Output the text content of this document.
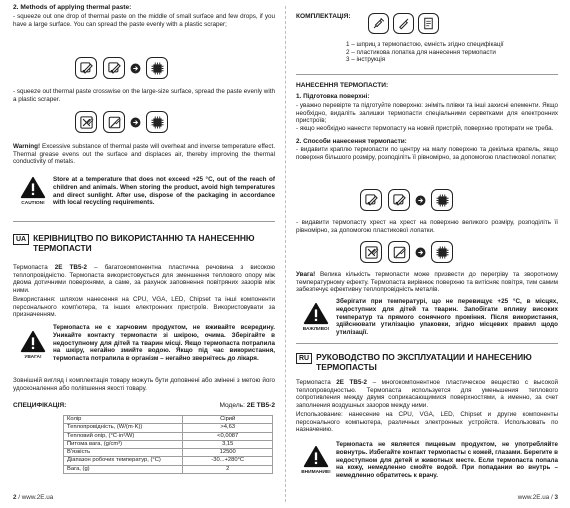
2. Methods of applying thermal paste:

- squeeze out one drop of thermal paste on the middle of small surface and few drops, if you have a large surface. You can spread the paste evenly with a plastic scraper;

- squeeze out thermal paste crosswise on the large-size surface, spread the paste evenly with a plastic scraper.

Warning! Excessive substance of thermal paste will overheat and inverse temperature effect. Thermal grease evens out the surface and displaces air, thereby improving the thermal conductivity of metals.

CAUTION!
Store at a temperature that does not exceed +25 °C, out of the reach of children and animals. When storing the product, avoid high temperatures and direct sunlight. After use, dispose of the packaging in accordance with local recycling requirements.
UA КЕРІВНИЦТВО ПО ВИКОРИСТАННЮ ТА НАНЕСЕННЮ ТЕРМОПАСТИ

Термопаста 2E TB5-2 – багатокомпонентна пластична речовина з високою теплопровідністю. Термопаста використовується для зменшення теплового опору між двома дотичними поверхнями, а саме, за рахунок заповнення повітряних зазорів між ними.

Використання: шляхом нанесення на CPU, VGA, LED, Chipset та інші компоненти персонального комп'ютера, та інших електронних пристроїв. Використовувати за призначенням.

УВАГА!
Термопаста не є харчовим продуктом, не вживайте всередину. Уникайте контакту термопасти зі шкірою, очима. Зберігайте в недоступному для дітей та тварин місці. Якщо термопаста потрапила на шкіру, негайно змийте водою. Якщо під час використання, термопаста потрапила в організм – негайно звернітесь до лікаря.

Зовнішній вигляд і комплектація товару можуть бути доповнені або змінені з метою його удосконалення або поліпшення якості товару.

СПЕЦИФІКАЦІЯ:	Модель: 2E TB5-2
Колір	Сірий
Теплопровідність, (W/(m·K))	>4,63
Тепловий опір, (°C·in²/W)	<0,0087
Питома вага, (g/cm³)	3,15
В'язкість	12500
Діапазон робочих температур, (°C)	-30...+280°C
Вага, (g)	2
2 / www.2E.ua
КОМПЛЕКТАЦІЯ:

1 – шприц з термопастою, ємність згідно специфікації

2 – пластикова лопатка для нанесення термопасти

3 – інструкція

НАНЕСЕННЯ ТЕРМОПАСТИ:

1. Підготовка поверхні:

- уважно перевірте та підготуйте поверхню: зніміть плівки та інші захисні елементи. Якщо необхідно, видаліть залишки термопасти спеціальними серветками для електронних пристроїв;

- якщо необхідно нанести термопасту на новий пристрій, поверхню протирати не треба.

2. Способи нанесення термопасти:

- видавити краплю термопасти по центру на малу поверхню та декілька крапель, якщо поверхня більшого розміру, розподіліть її рівномірно, за допомогою пластикової лопатки;

- видавити термопасту хрест на хрест на поверхню великого розміру, розподіліть її рівномірно, за допомогою пластикової лопатки.

Увага! Велика кількість термопасти може призвести до перегріву та зворотному температурному ефекту. Термопаста вирівнює поверхню та витісняє повітря, тим самим забезпечує ефективну теплопровідність металів.

ВАЖЛИВО!
Зберігати при температурі, що не перевищує +25 °С, в місцях, недоступних для дітей та тварин. Запобігати впливу високих температур та прямого сонячного проміння. Після використання, здійснювати утилізацію упаковки, згідно місцевих правил щодо утилізації.
RU РУКОВОДСТВО ПО ЭКСПЛУАТАЦИИ И НАНЕСЕНИЮ ТЕРМОПАСТЫ

Термопаста 2E TB5-2 – многокомпонентное пластическое вещество с высокой теплопроводностью. Термопаста используется для уменьшения теплового сопротивления между двумя соприкасающимися поверхностями, а именно, за счет заполнения воздушных зазоров между ними.

Использование: нанесение на CPU, VGA, LED, Chipset и другие компоненты персонального компьютера, различных электронных устройств. Использовать по назначению.

ВНИМАНИЕ!
Термопаста не является пищевым продуктом, не употребляйте вовнутрь. Избегайте контакт термопасты с кожей, глазами. Берегите в недоступном для детей и животных месте. Если термопаста попала на кожу, немедленно смойте водой. При попадании во внутрь – немедленно обратитесь к врачу.
www.2E.ua / 3
